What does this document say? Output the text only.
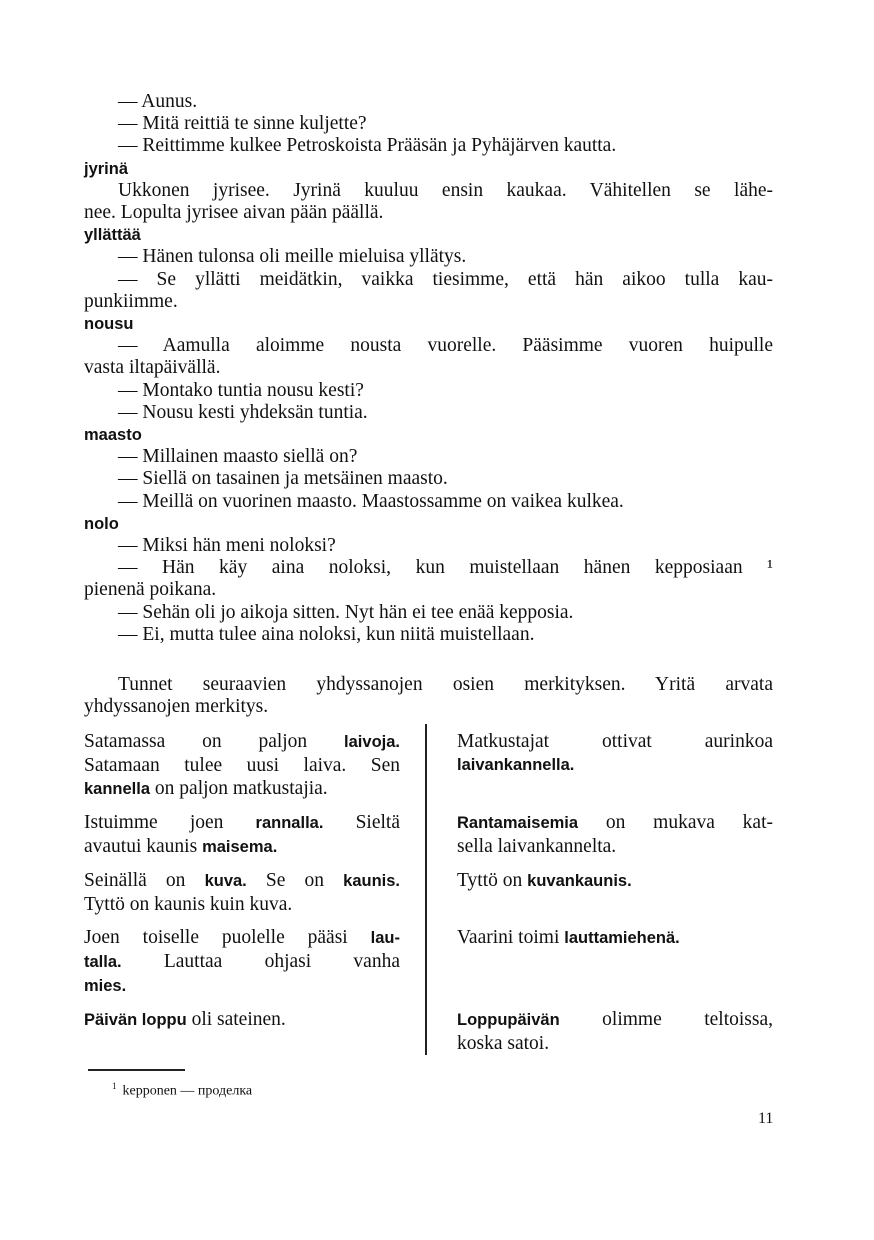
— Aunus.
— Mitä reittiä te sinne kuljette?
— Reittimme kulkee Petroskoista Prääsän ja Pyhäjärven kautta.
jyrinä
Ukkonen jyrisee. Jyrinä kuuluu ensin kaukaa. Vähitellen se lähe-
nee. Lopulta jyrisee aivan pään päällä.
yllättää
— Hänen tulonsa oli meille mieluisa yllätys.
— Se yllätti meidätkin, vaikka tiesimme, että hän aikoo tulla kau-
punkiimme.
nousu
— Aamulla aloimme nousta vuorelle. Pääsimme vuoren huipulle
vasta iltapäivällä.
— Montako tuntia nousu kesti?
— Nousu kesti yhdeksän tuntia.
maasto
— Millainen maasto siellä on?
— Siellä on tasainen ja metsäinen maasto.
— Meillä on vuorinen maasto. Maastossamme on vaikea kulkea.
nolo
— Miksi hän meni noloksi?
— Hän käy aina noloksi, kun muistellaan hänen kepposiaan ¹
pienenä poikana.
— Sehän oli jo aikoja sitten. Nyt hän ei tee enää kepposia.
— Ei, mutta tulee aina noloksi, kun niitä muistellaan.
Tunnet seuraavien yhdyssanojen osien merkityksen. Yritä arvata
yhdyssanojen merkitys.
Satamassa on paljon laivoja.
Satamaan tulee uusi laiva. Sen
kannella on paljon matkustajia.
Matkustajat ottivat aurinkoa
laivankannella.
Istuimme joen rannalla. Sieltä
avautui kaunis maisema.
Rantamaisemia on mukava kat-
sella laivankannelta.
Seinällä on kuva. Se on kaunis.
Tyttö on kaunis kuin kuva.
Tyttö on kuvankaunis.
Joen toiselle puolelle pääsi lau-
talla. Lauttaa ohjasi vanha
mies.
Vaarini toimi lauttamiehenä.
Päivän loppu oli sateinen.	Loppupäivän olimme teltoissa,
koska satoi.
$^1$ kepponen — проделка
11
